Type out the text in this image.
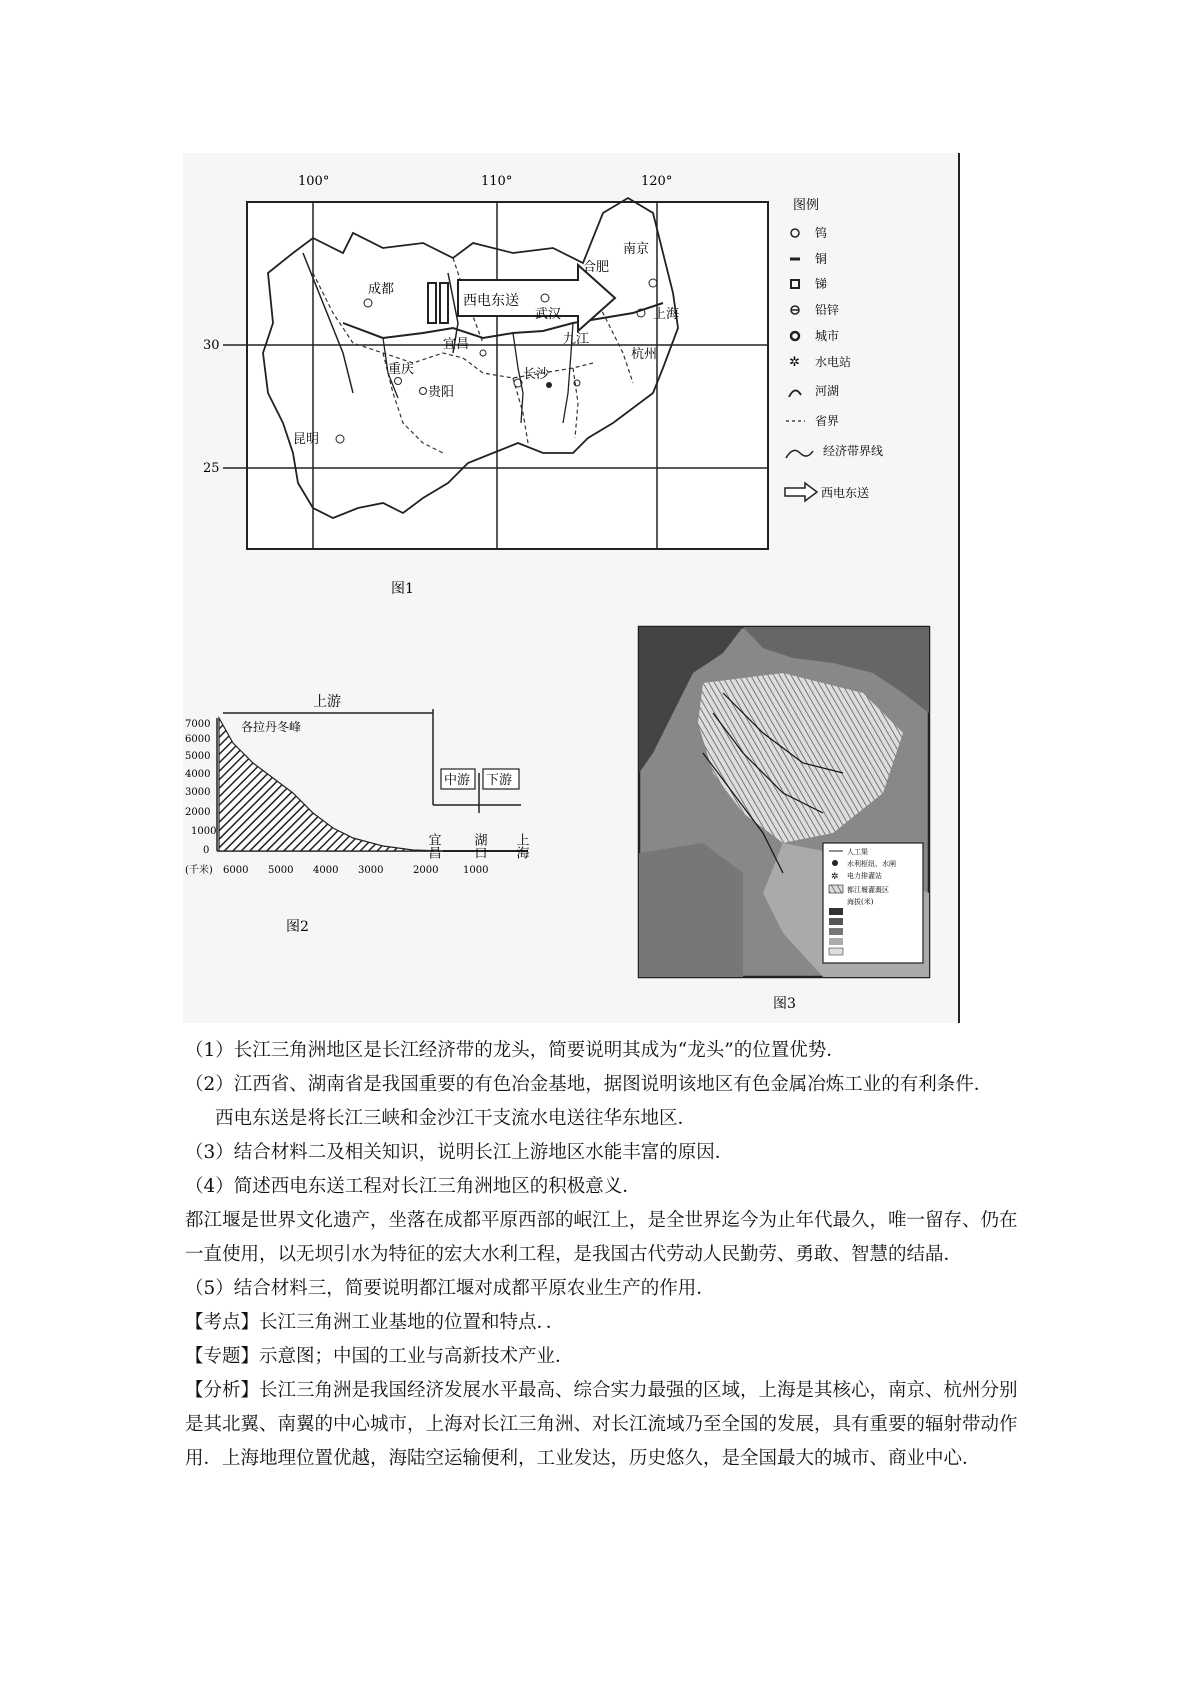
100°	110°	120°
30
25
西电东送
成都
重庆
贵阳
昆明
武汉
合肥
南京
长沙
杭州
上海
宜昌	九江
图例
钨
铜
锑
铅锌
城市
✲ 水电站
河湖
省界
经济带界线
西电东送
图1
7000
6000
5000
4000
3000
2000
1000
0
上游
中游 下游
各拉丹冬峰
宜昌 湖口 上海
(千米) 6000 5000 4000 3000	2000 1000
图2
人工渠
水利枢纽、水闸
✲ 电力排灌站
都江堰灌溉区
海拔(米)
图3

（1）长江三角洲地区是长江经济带的龙头，简要说明其成为“龙头”的位置优势．

（2）江西省、湖南省是我国重要的有色冶金基地，据图说明该地区有色金属冶炼工业的有利条件．

西电东送是将长江三峡和金沙江干支流水电送往华东地区．

（3）结合材料二及相关知识，说明长江上游地区水能丰富的原因．

（4）简述西电东送工程对长江三角洲地区的积极意义．

都江堰是世界文化遗产，坐落在成都平原西部的岷江上，是全世界迄今为止年代最久，唯一留存、仍在一直使用，以无坝引水为特征的宏大水利工程，是我国古代劳动人民勤劳、勇敢、智慧的结晶．

（5）结合材料三，简要说明都江堰对成都平原农业生产的作用．

【考点】长江三角洲工业基地的位置和特点．．

【专题】示意图；中国的工业与高新技术产业．

【分析】长江三角洲是我国经济发展水平最高、综合实力最强的区域，上海是其核心，南京、杭州分别是其北翼、南翼的中心城市，上海对长江三角洲、对长江流域乃至全国的发展，具有重要的辐射带动作用．上海地理位置优越，海陆空运输便利，工业发达，历史悠久，是全国最大的城市、商业中心．
